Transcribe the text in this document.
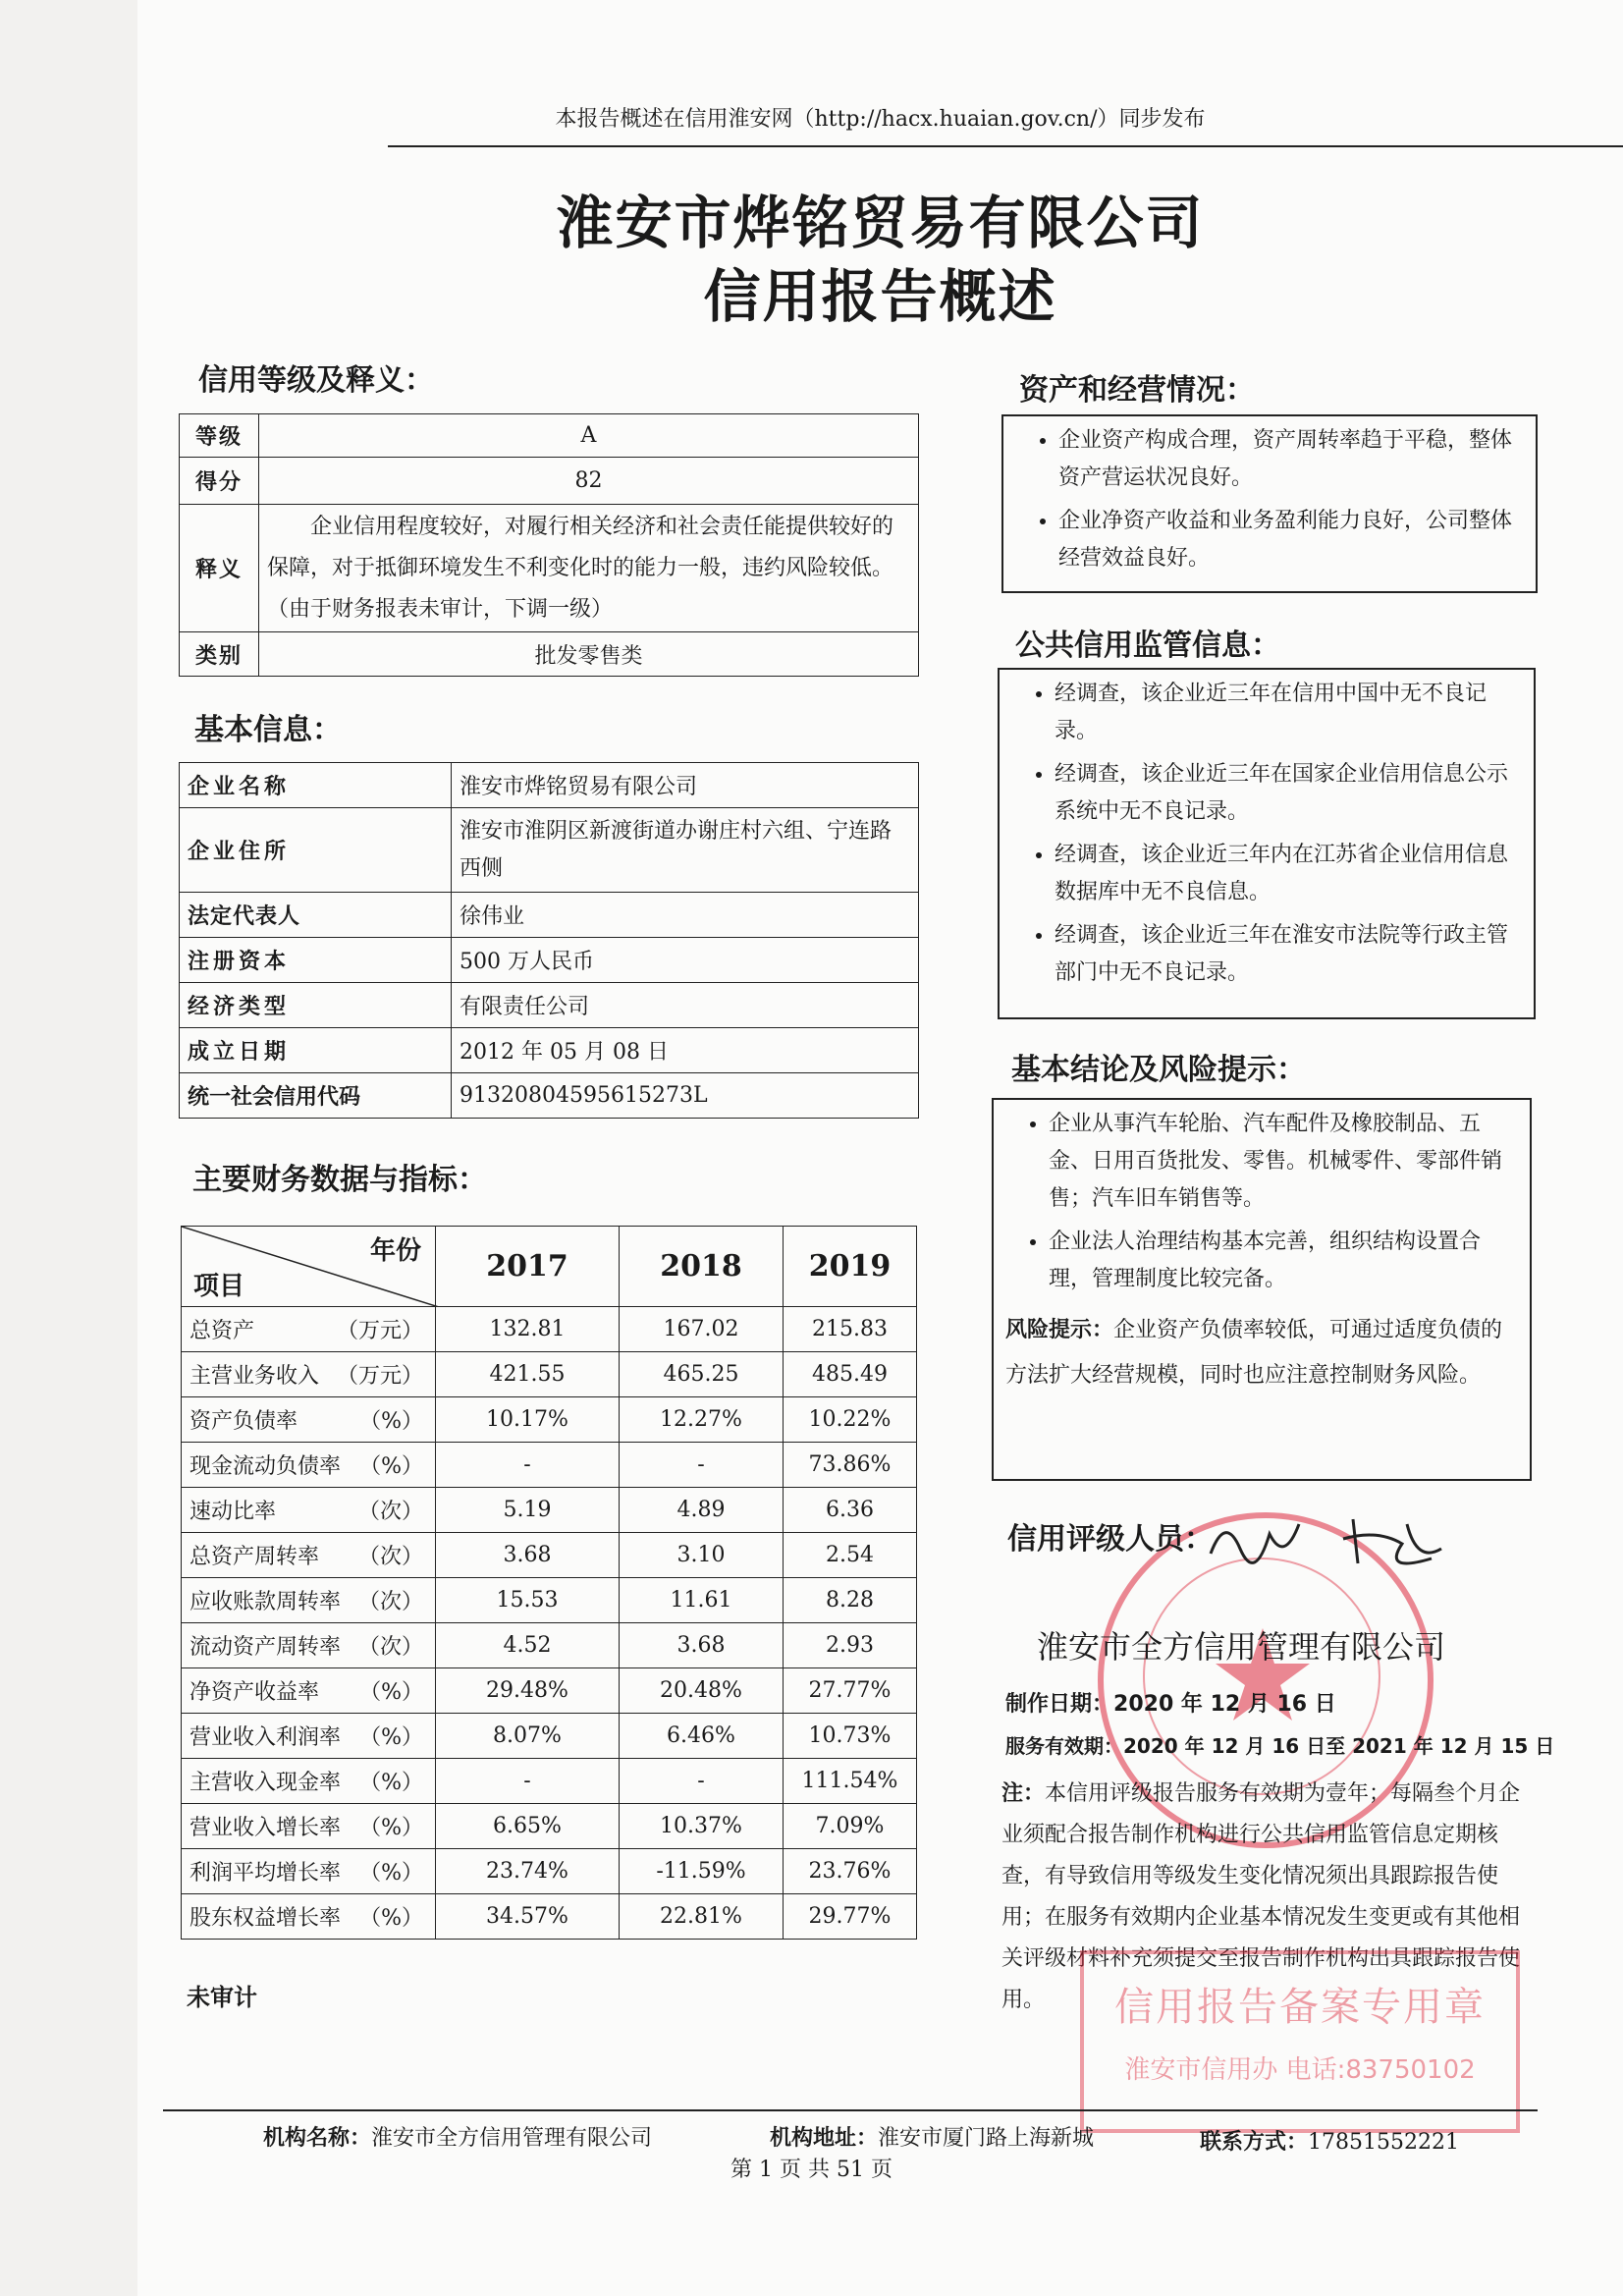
本报告概述在信用淮安网（http://hacx.huaian.gov.cn/）同步发布
淮安市烨铭贸易有限公司
信用报告概述
信用等级及释义：
等级	A
得分	82
释义	企业信用程度较好，对履行相关经济和社会责任能提供较好的保障，对于抵御环境发生不利变化时的能力一般，违约风险较低。（由于财务报表未审计，下调一级）
类别	批发零售类
基本信息：
企业名称	淮安市烨铭贸易有限公司
企业住所	淮安市淮阴区新渡街道办谢庄村六组、宁连路西侧
法定代表人	徐伟业
注册资本	500 万人民币
经济类型	有限责任公司
成立日期	2012 年 05 月 08 日
统一社会信用代码	91320804595615273L
主要财务数据与指标：
年份
项目	2017	2018	2019
总资产 （万元）	132.81	167.02	215.83
主营业务收入 （万元）	421.55	465.25	485.49
资产负债率 （%）	10.17%	12.27%	10.22%
现金流动负债率 （%）	-	-	73.86%
速动比率 （次）	5.19	4.89	6.36
总资产周转率 （次）	3.68	3.10	2.54
应收账款周转率 （次）	15.53	11.61	8.28
流动资产周转率 （次）	4.52	3.68	2.93
净资产收益率 （%）	29.48%	20.48%	27.77%
营业收入利润率 （%）	8.07%	6.46%	10.73%
主营收入现金率 （%）	-	-	111.54%
营业收入增长率 （%）	6.65%	10.37%	7.09%
利润平均增长率 （%）	23.74%	-11.59%	23.76%
股东权益增长率 （%）	34.57%	22.81%	29.77%
未审计
资产和经营情况：
• 企业资产构成合理，资产周转率趋于平稳，整体资产营运状况良好。
• 企业净资产收益和业务盈利能力良好，公司整体经营效益良好。
公共信用监管信息：
• 经调查，该企业近三年在信用中国中无不良记录。
• 经调查，该企业近三年在国家企业信用信息公示系统中无不良记录。
• 经调查，该企业近三年内在江苏省企业信用信息数据库中无不良信息。
• 经调查，该企业近三年在淮安市法院等行政主管部门中无不良记录。
基本结论及风险提示：
• 企业从事汽车轮胎、汽车配件及橡胶制品、五金、日用百货批发、零售。机械零件、零部件销售；汽车旧车销售等。
• 企业法人治理结构基本完善，组织结构设置合理，管理制度比较完备。
风险提示：企业资产负债率较低，可通过适度负债的方法扩大经营规模，同时也应注意控制财务风险。
信用评级人员：
淮安市全方信用管理有限公司
制作日期：2020 年 12 月 16 日
服务有效期：2020 年 12 月 16 日至 2021 年 12 月 15 日
注：本信用评级报告服务有效期为壹年；每隔叁个月企业须配合报告制作机构进行公共信用监管信息定期核查，有导致信用等级发生变化情况须出具跟踪报告使用；在服务有效期内企业基本情况发生变更或有其他相关评级材料补充须提交至报告制作机构出具跟踪报告使用。	信用报告备案专用章
淮安市信用办 电话:83750102
机构名称：淮安市全方信用管理有限公司	机构地址：淮安市厦门路上海新城	联系方式：17851552221
第 1 页 共 51 页
